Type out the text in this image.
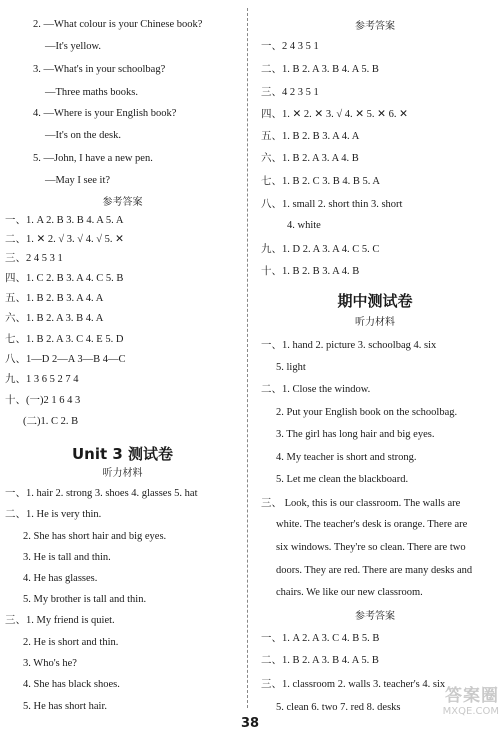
2. —What colour is your Chinese book?
—It's yellow.
3. —What's in your schoolbag?
—Three maths books.
4. —Where is your English book?
—It's on the desk.
5. —John, I have a new pen.
—May I see it?
参考答案
一、1. A 2. B 3. B 4. A 5. A
二、1. ✕ 2. √ 3. √ 4. √ 5. ✕
三、2 4 5 3 1
四、1. C 2. B 3. A 4. C 5. B
五、1. B 2. B 3. A 4. A
六、1. B 2. A 3. B 4. A
七、1. B 2. A 3. C 4. E 5. D
八、1—D 2—A 3—B 4—C
九、1 3 6 5 2 7 4
十、(一)2 1 6 4 3
(二)1. C 2. B
Unit 3 测试卷
听力材料
一、1. hair 2. strong 3. shoes 4. glasses 5. hat
二、1. He is very thin.
2. She has short hair and big eyes.
3. He is tall and thin.
4. He has glasses.
5. My brother is tall and thin.
三、1. My friend is quiet.
2. He is short and thin.
3. Who's he?
4. She has black shoes.
5. He has short hair.
参考答案
一、2 4 3 5 1
二、1. B 2. A 3. B 4. A 5. B
三、4 2 3 5 1
四、1. ✕ 2. ✕ 3. √ 4. ✕ 5. ✕ 6. ✕
五、1. B 2. B 3. A 4. A
六、1. B 2. A 3. A 4. B
七、1. B 2. C 3. B 4. B 5. A
八、1. small 2. short thin 3. short
4. white
九、1. D 2. A 3. A 4. C 5. C
十、1. B 2. B 3. A 4. B
期中测试卷
听力材料
一、1. hand 2. picture 3. schoolbag 4. six
5. light
二、1. Close the window.
2. Put your English book on the schoolbag.
3. The girl has long hair and big eyes.
4. My teacher is short and strong.
5. Let me clean the blackboard.
三、 Look, this is our classroom. The walls are
white. The teacher's desk is orange. There are
six windows. They're so clean. There are two
doors. They are red. There are many desks and
chairs. We like our new classroom.
参考答案
一、1. A 2. A 3. C 4. B 5. B
二、1. B 2. A 3. B 4. A 5. B
三、1. classroom 2. walls 3. teacher's 4. six
5. clean 6. two 7. red 8. desks
38
答案圈
MXQE.COM
